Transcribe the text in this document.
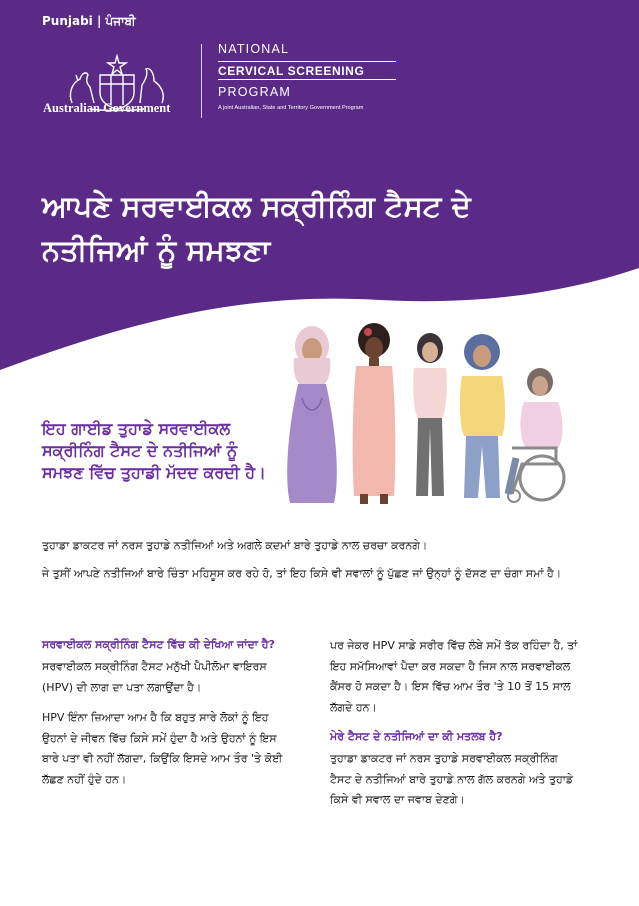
Punjabi | ਪੰਜਾਬੀ
Australian Government
NATIONAL
CERVICAL SCREENING
PROGRAM
A joint Australian, State and Territory Government Program
ਆਪਣੇ ਸਰਵਾਈਕਲ ਸਕ੍ਰੀਨਿੰਗ ਟੈਸਟ ਦੇ ਨਤੀਜਿਆਂ ਨੂੰ ਸਮਝਣਾ
ਇਹ ਗਾਈਡ ਤੁਹਾਡੇ ਸਰਵਾਈਕਲ ਸਕ੍ਰੀਨਿੰਗ ਟੈਸਟ ਦੇ ਨਤੀਜਿਆਂ ਨੂੰ ਸਮਝਣ ਵਿੱਚ ਤੁਹਾਡੀ ਮੱਦਦ ਕਰਦੀ ਹੈ।
ਤੁਹਾਡਾ ਡਾਕਟਰ ਜਾਂ ਨਰਸ ਤੁਹਾਡੇ ਨਤੀਜਿਆਂ ਅਤੇ ਅਗਲੇ ਕਦਮਾਂ ਬਾਰੇ ਤੁਹਾਡੇ ਨਾਲ ਚਰਚਾ ਕਰਨਗੇ।
ਜੇ ਤੁਸੀਂ ਆਪਣੇ ਨਤੀਜਿਆਂ ਬਾਰੇ ਚਿੰਤਾ ਮਹਿਸੂਸ ਕਰ ਰਹੇ ਹੋ, ਤਾਂ ਇਹ ਕਿਸੇ ਵੀ ਸਵਾਲਾਂ ਨੂੰ ਪੁੱਛਣ ਜਾਂ ਉਨ੍ਹਾਂ ਨੂੰ ਦੱਸਣ ਦਾ ਚੰਗਾ ਸਮਾਂ ਹੈ।
ਸਰਵਾਈਕਲ ਸਕ੍ਰੀਨਿੰਗ ਟੈਸਟ ਵਿੱਚ ਕੀ ਦੇਖਿਆ ਜਾਂਦਾ ਹੈ?

ਸਰਵਾਈਕਲ ਸਕ੍ਰੀਨਿੰਗ ਟੈਸਟ ਮਨੁੱਖੀ ਪੈਪੀਲੋਮਾ ਵਾਇਰਸ (HPV) ਦੀ ਲਾਗ ਦਾ ਪਤਾ ਲਗਾਉਂਦਾ ਹੈ।

HPV ਇੰਨਾ ਜ਼ਿਆਦਾ ਆਮ ਹੈ ਕਿ ਬਹੁਤ ਸਾਰੇ ਲੋਕਾਂ ਨੂੰ ਇਹ ਉਹਨਾਂ ਦੇ ਜੀਵਨ ਵਿੱਚ ਕਿਸੇ ਸਮੇਂ ਹੁੰਦਾ ਹੈ ਅਤੇ ਉਹਨਾਂ ਨੂੰ ਇਸ ਬਾਰੇ ਪਤਾ ਵੀ ਨਹੀਂ ਲੱਗਦਾ, ਕਿਉਂਕਿ ਇਸਦੇ ਆਮ ਤੌਰ 'ਤੇ ਕੋਈ ਲੱਛਣ ਨਹੀਂ ਹੁੰਦੇ ਹਨ।

ਪਰ ਜੇਕਰ HPV ਸਾਡੇ ਸਰੀਰ ਵਿੱਚ ਲੰਬੇ ਸਮੇਂ ਤੱਕ ਰਹਿੰਦਾ ਹੈ, ਤਾਂ ਇਹ ਸਮੱਸਿਆਵਾਂ ਪੈਦਾ ਕਰ ਸਕਦਾ ਹੈ ਜਿਸ ਨਾਲ ਸਰਵਾਈਕਲ ਕੈਂਸਰ ਹੋ ਸਕਦਾ ਹੈ। ਇਸ ਵਿੱਚ ਆਮ ਤੌਰ 'ਤੇ 10 ਤੋਂ 15 ਸਾਲ ਲੱਗਦੇ ਹਨ।

ਮੇਰੇ ਟੈਸਟ ਦੇ ਨਤੀਜਿਆਂ ਦਾ ਕੀ ਮਤਲਬ ਹੈ?

ਤੁਹਾਡਾ ਡਾਕਟਰ ਜਾਂ ਨਰਸ ਤੁਹਾਡੇ ਸਰਵਾਈਕਲ ਸਕ੍ਰੀਨਿੰਗ ਟੈਸਟ ਦੇ ਨਤੀਜਿਆਂ ਬਾਰੇ ਤੁਹਾਡੇ ਨਾਲ ਗੱਲ ਕਰਨਗੇ ਅਤੇ ਤੁਹਾਡੇ ਕਿਸੇ ਵੀ ਸਵਾਲ ਦਾ ਜਵਾਬ ਦੇਣਗੇ।
